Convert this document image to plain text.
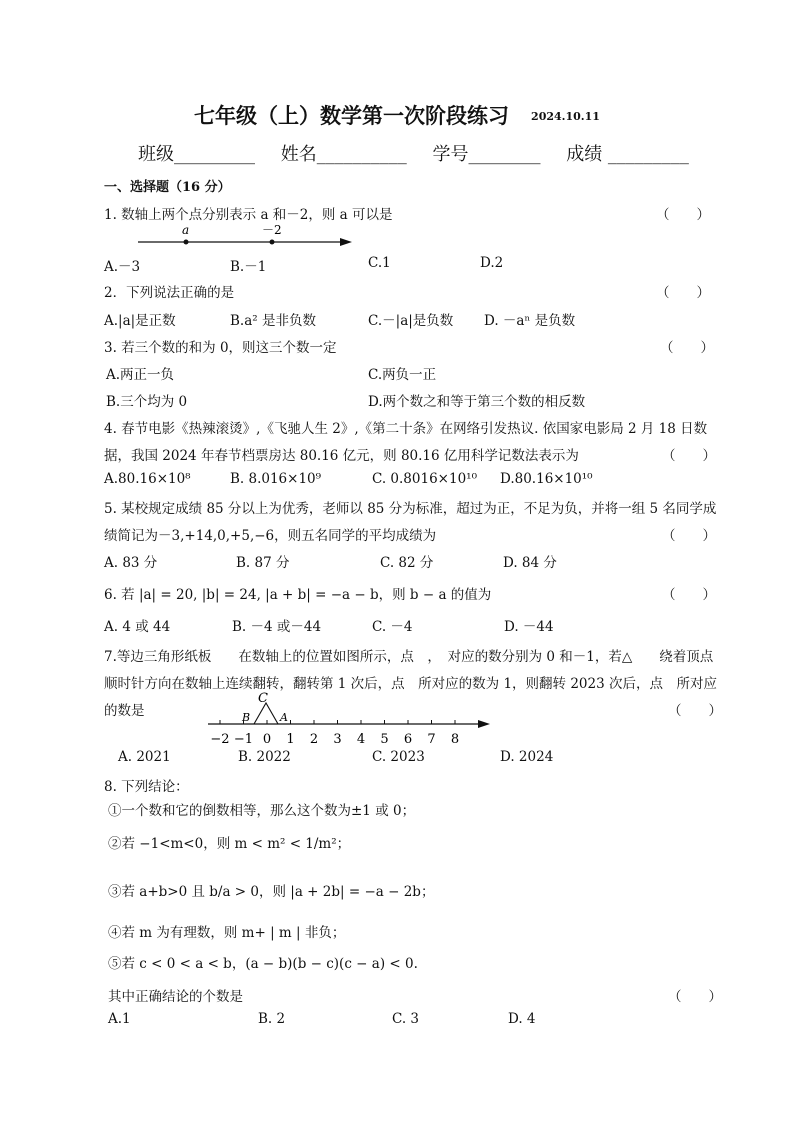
七年级（上）数学第一次阶段练习 2024.10.11
班级_________ 姓名__________ 学号________ 成绩 _________
一、选择题（16 分）
1. 数轴上两个点分别表示 a 和－2，则 a 可以是	（　　）
a	－2
A.－3	B.－1	C.1	D.2
2．下列说法正确的是	（　　）
A.|a|是正数	B.a² 是非负数	C.－|a|是负数 D. －aⁿ 是负数
3. 若三个数的和为 0，则这三个数一定	（　　）
A.两正一负	C.两负一正
B.三个均为 0	D.两个数之和等于第三个数的相反数
4. 春节电影《热辣滚烫》,《飞驰人生 2》,《第二十条》在网络引发热议. 依国家电影局 2 月 18 日数
据，我国 2024 年春节档票房达 80.16 亿元，则 80.16 亿用科学记数法表示为	（　　）
A.80.16×10⁸	B. 8.016×10⁹	C. 0.8016×10¹⁰ D.80.16×10¹⁰
5. 某校规定成绩 85 分以上为优秀，老师以 85 分为标准，超过为正，不足为负，并将一组 5 名同学成
绩简记为－3,+14,0,+5,−6，则五名同学的平均成绩为	（　　）
A. 83 分	B. 87 分	C. 82 分	D. 84 分
6. 若 |a| = 20, |b| = 24, |a + b| = −a − b，则 b − a 的值为	（　　）
A. 4 或 44	B. －4 或－44	C. －4	D. －44
7.等边三角形纸板　　在数轴上的位置如图所示，点　，　对应的数分别为 0 和－1，若△　　绕着顶点
顺时针方向在数轴上连续翻转，翻转第 1 次后，点　所对应的数为 1，则翻转 2023 次后，点　所对应
的数是	（　　）
C
B	A
−2 −1 0 1 2 3 4 5 6 7 8
A. 2021	B. 2022	C. 2023	D. 2024
8. 下列结论：
①一个数和它的倒数相等，那么这个数为±1 或 0；
②若 −1<m<0，则 m < m² < 1/m²；
③若 a+b>0 且 b/a > 0，则 |a + 2b| = −a − 2b；
④若 m 为有理数，则 m+ | m | 非负；
⑤若 c < 0 < a < b，(a − b)(b − c)(c − a) < 0.
其中正确结论的个数是	（　　）
A.1	B. 2	C. 3	D. 4
